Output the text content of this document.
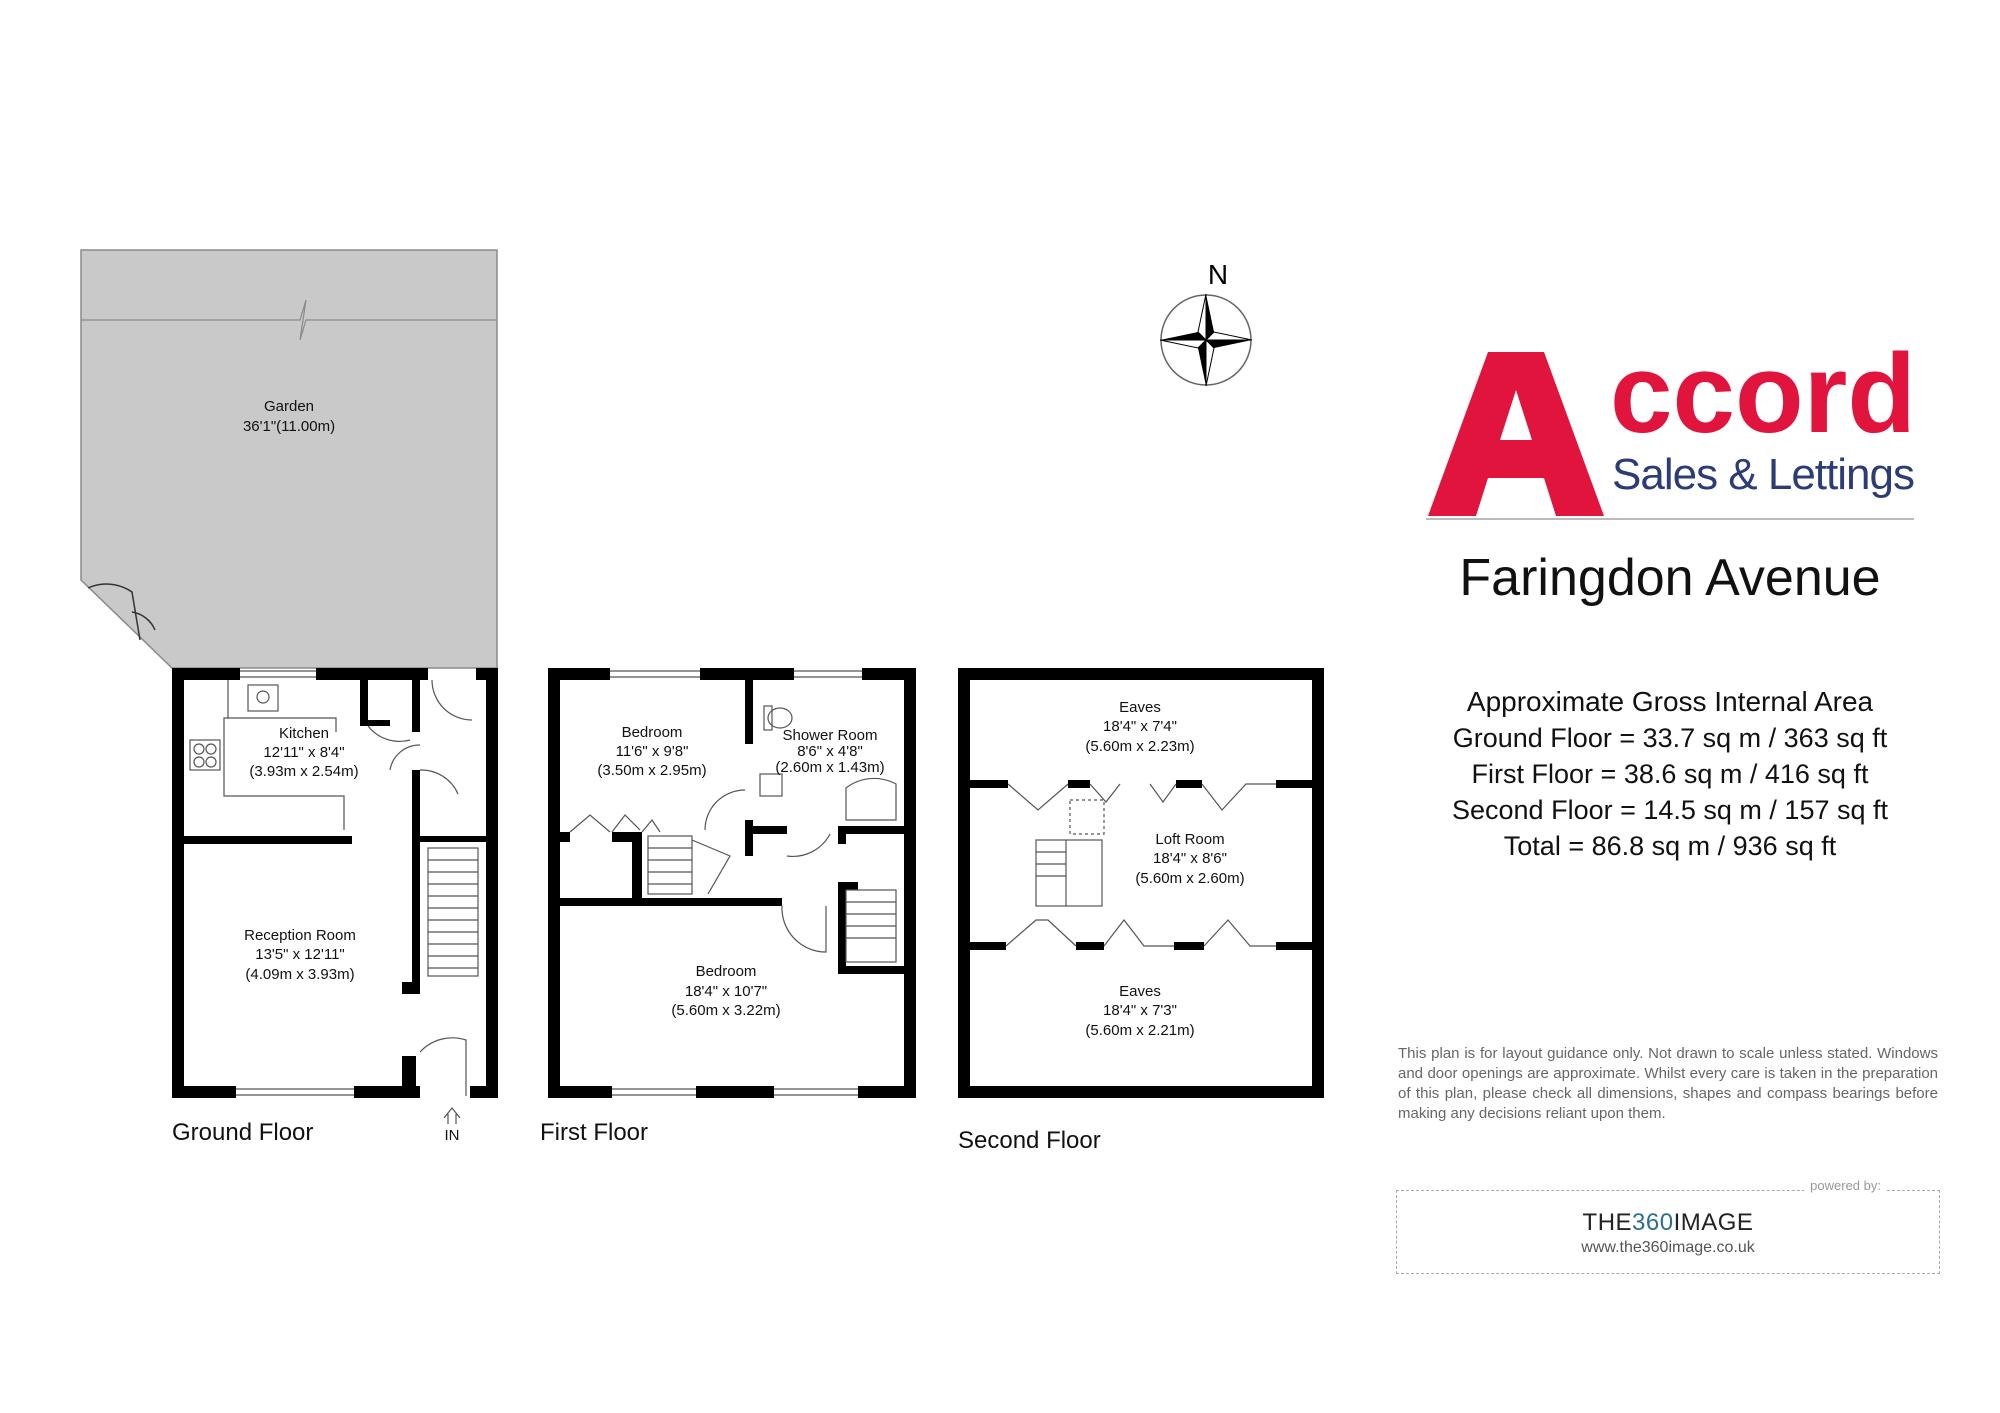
Garden
36'1"(11.00m)
Kitchen
12'11" x 8'4"
(3.93m x 2.54m)
Reception Room
13'5" x 12'11"
(4.09m x 3.93m)
IN
Ground Floor
Bedroom
11'6" x 9'8"
(3.50m x 2.95m)
Shower Room
8'6" x 4'8"
(2.60m x 1.43m)
Bedroom
18'4" x 10'7"
(5.60m x 3.22m)
First Floor
Eaves
18'4" x 7'4"
(5.60m x 2.23m)
Loft Room
18'4" x 8'6"
(5.60m x 2.60m)
Eaves
18'4" x 7'3"
(5.60m x 2.21m)
Second Floor
N
ccord
Sales & Lettings
Faringdon Avenue
Approximate Gross Internal Area
Ground Floor = 33.7 sq m / 363 sq ft
First Floor = 38.6 sq m / 416 sq ft
Second Floor = 14.5 sq m / 157 sq ft
Total = 86.8 sq m / 936 sq ft
This plan is for layout guidance only. Not drawn to scale unless stated. Windows and door openings are approximate. Whilst every care is taken in the preparation of this plan, please check all dimensions, shapes and compass bearings before making any decisions reliant upon them.
powered by:
THE360IMAGE
www.the360image.co.uk
